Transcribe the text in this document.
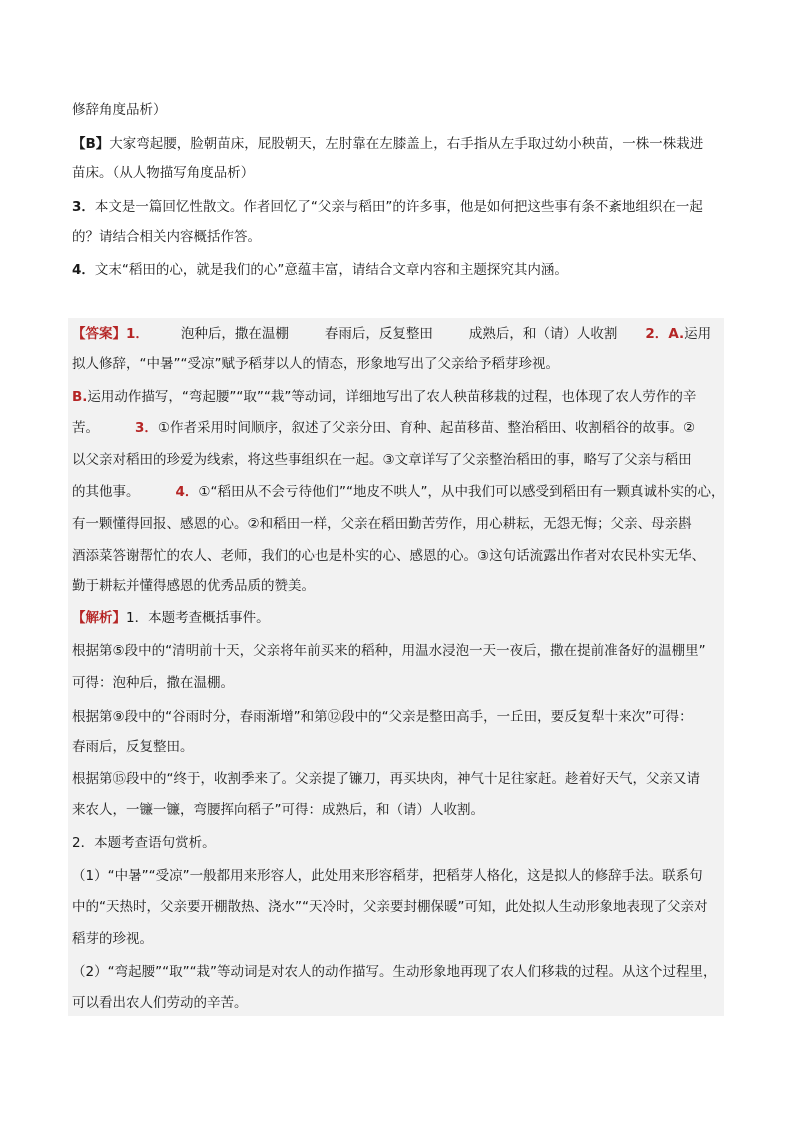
修辞角度品析）
【B】大家弯起腰，脸朝苗床，屁股朝天，左肘靠在左膝盖上，右手指从左手取过幼小秧苗，一株一株栽进
苗床。（从人物描写角度品析）
3．本文是一篇回忆性散文。作者回忆了“父亲与稻田”的许多事，他是如何把这些事有条不紊地组织在一起
的？请结合相关内容概括作答。
4．文末“稻田的心，就是我们的心”意蕴丰富，请结合文章内容和主题探究其内涵。
【答案】1． 泡种后，撒在温棚	春雨后，反复整田	成熟后，和（请）人收割 2．A.运用
拟人修辞，“中暑”“受凉”赋予稻芽以人的情态，形象地写出了父亲给予稻芽珍视。
B.运用动作描写，“弯起腰”“取”“栽”等动词，详细地写出了农人秧苗移栽的过程，也体现了农人劳作的辛
苦。	3．①作者采用时间顺序，叙述了父亲分田、育种、起苗移苗、整治稻田、收割稻谷的故事。②
以父亲对稻田的珍爱为线索，将这些事组织在一起。③文章详写了父亲整治稻田的事，略写了父亲与稻田
的其他事。	4．①“稻田从不会亏待他们”“地皮不哄人”，从中我们可以感受到稻田有一颗真诚朴实的心，
有一颗懂得回报、感恩的心。②和稻田一样，父亲在稻田勤苦劳作，用心耕耘，无怨无悔；父亲、母亲斟
酒添菜答谢帮忙的农人、老师，我们的心也是朴实的心、感恩的心。③这句话流露出作者对农民朴实无华、
勤于耕耘并懂得感恩的优秀品质的赞美。
【解析】1．本题考查概括事件。
根据第⑤段中的“清明前十天，父亲将年前买来的稻种，用温水浸泡一天一夜后，撒在提前准备好的温棚里”
可得：泡种后，撒在温棚。
根据第⑨段中的“谷雨时分，春雨渐增”和第⑫段中的“父亲是整田高手，一丘田，要反复犁十来次”可得：
春雨后，反复整田。
根据第⑮段中的“终于，收割季来了。父亲提了镰刀，再买块肉，神气十足往家赶。趁着好天气，父亲又请
来农人，一镰一镰，弯腰挥向稻子”可得：成熟后，和（请）人收割。
2．本题考查语句赏析。
（1）“中暑”“受凉”一般都用来形容人，此处用来形容稻芽，把稻芽人格化，这是拟人的修辞手法。联系句
中的“天热时，父亲要开棚散热、浇水”“天冷时，父亲要封棚保暖”可知，此处拟人生动形象地表现了父亲对
稻芽的珍视。
（2）“弯起腰”“取”“栽”等动词是对农人的动作描写。生动形象地再现了农人们移栽的过程。从这个过程里，
可以看出农人们劳动的辛苦。
